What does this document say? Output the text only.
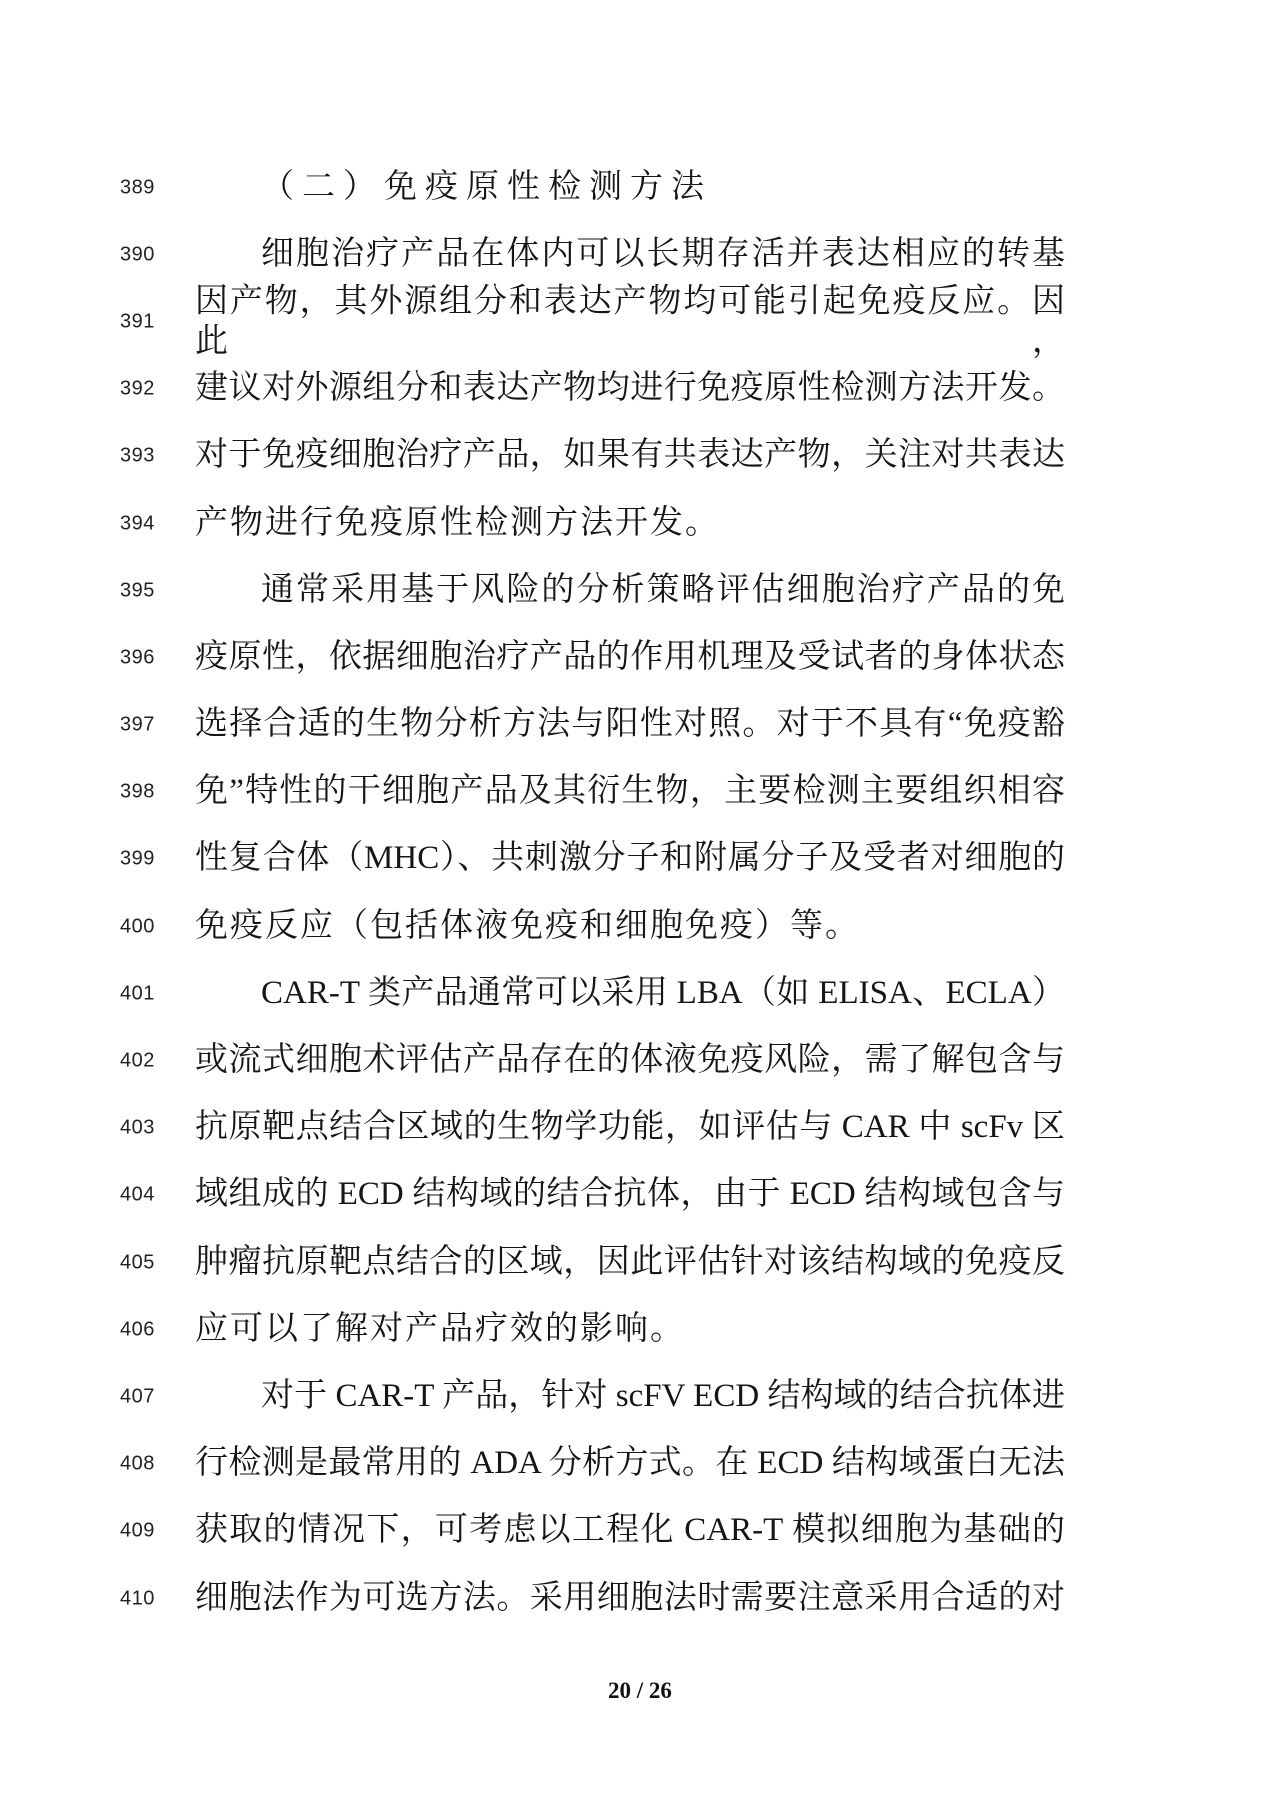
389	（二）免疫原性检测方法
390	细胞治疗产品在体内可以长期存活并表达相应的转基
391
因产物，其外源组分和表达产物均可能引起免疫反应。因此，
392 建议对外源组分和表达产物均进行免疫原性检测方法开发。
393 对于免疫细胞治疗产品，如果有共表达产物，关注对共表达
394 产物进行免疫原性检测方法开发。
395	通常采用基于风险的分析策略评估细胞治疗产品的免
396 疫原性，依据细胞治疗产品的作用机理及受试者的身体状态
397 选择合适的生物分析方法与阳性对照。对于不具有“免疫豁
398 免”特性的干细胞产品及其衍生物，主要检测主要组织相容
399 性复合体（MHC）、共刺激分子和附属分子及受者对细胞的
400 免疫反应（包括体液免疫和细胞免疫）等。
401	CAR-T 类产品通常可以采用 LBA（如 ELISA、ECLA）
402 或流式细胞术评估产品存在的体液免疫风险，需了解包含与
403 抗原靶点结合区域的生物学功能，如评估与 CAR 中 scFv 区
404 域组成的 ECD 结构域的结合抗体，由于 ECD 结构域包含与
405 肿瘤抗原靶点结合的区域，因此评估针对该结构域的免疫反
406 应可以了解对产品疗效的影响。
407	对于 CAR-T 产品，针对 scFV ECD 结构域的结合抗体进
408 行检测是最常用的 ADA 分析方式。在 ECD 结构域蛋白无法
409 获取的情况下，可考虑以工程化 CAR-T 模拟细胞为基础的
410 细胞法作为可选方法。采用细胞法时需要注意采用合适的对
20 / 26
